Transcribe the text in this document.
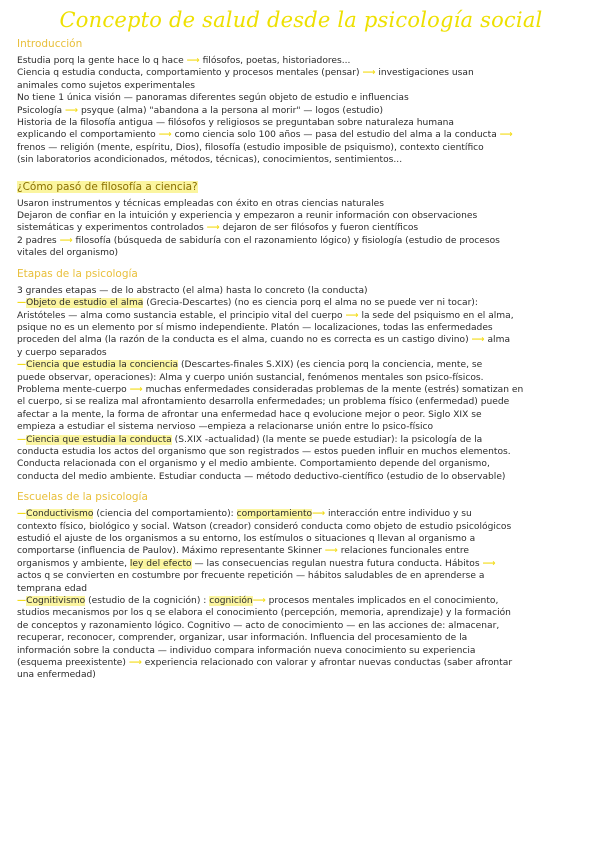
Concepto de salud desde la psicología social
Introducción
Estudia porq la gente hace lo q hace ⟶ filósofos, poetas, historiadores...
Ciencia q estudia conducta, comportamiento y procesos mentales (pensar) ⟶ investigaciones usan
animales como sujetos experimentales
No tiene 1 única visión — panoramas diferentes según objeto de estudio e influencias
Psicología ⟶ psyque (alma) "abandona a la persona al morir" — logos (estudio)
Historia de la filosofía antigua — filósofos y religiosos se preguntaban sobre naturaleza humana
explicando el comportamiento ⟶ como ciencia solo 100 años — pasa del estudio del alma a la conducta ⟶
frenos — religión (mente, espíritu, Dios), filosofía (estudio imposible de psiquismo), contexto científico
(sin laboratorios acondicionados, métodos, técnicas), conocimientos, sentimientos...
¿Cómo pasó de filosofía a ciencia?
Usaron instrumentos y técnicas empleadas con éxito en otras ciencias naturales
Dejaron de confiar en la intuición y experiencia y empezaron a reunir información con observaciones
sistemáticas y experimentos controlados ⟶ dejaron de ser filósofos y fueron científicos
2 padres ⟶ filosofía (búsqueda de sabiduría con el razonamiento lógico) y fisiología (estudio de procesos
vitales del organismo)
Etapas de la psicología
3 grandes etapas — de lo abstracto (el alma) hasta lo concreto (la conducta)
—Objeto de estudio el alma (Grecia-Descartes) (no es ciencia porq el alma no se puede ver ni tocar):
Aristóteles — alma como sustancia estable, el principio vital del cuerpo ⟶ la sede del psiquismo en el alma,
psique no es un elemento por sí mismo independiente. Platón — localizaciones, todas las enfermedades
proceden del alma (la razón de la conducta es el alma, cuando no es correcta es un castigo divino) ⟶ alma
y cuerpo separados
—Ciencia que estudia la conciencia (Descartes-finales S.XIX) (es ciencia porq la conciencia, mente, se
puede observar, operaciones): Alma y cuerpo unión sustancial, fenómenos mentales son psico-físicos.
Problema mente-cuerpo ⟶ muchas enfermedades consideradas problemas de la mente (estrés) somatizan en
el cuerpo, si se realiza mal afrontamiento desarrolla enfermedades; un problema físico (enfermedad) puede
afectar a la mente, la forma de afrontar una enfermedad hace q evolucione mejor o peor. Siglo XIX se
empieza a estudiar el sistema nervioso —empieza a relacionarse unión entre lo psico-físico
—Ciencia que estudia la conducta (S.XIX -actualidad) (la mente se puede estudiar): la psicología de la
conducta estudia los actos del organismo que son registrados — estos pueden influir en muchos elementos.
Conducta relacionada con el organismo y el medio ambiente. Comportamiento depende del organismo,
conducta del medio ambiente. Estudiar conducta — método deductivo-científico (estudio de lo observable)
Escuelas de la psicología
—Conductivismo (ciencia del comportamiento): comportamiento⟶ interacción entre individuo y su
contexto físico, biológico y social. Watson (creador) consideró conducta como objeto de estudio psicológicos
estudió el ajuste de los organismos a su entorno, los estímulos o situaciones q llevan al organismo a
comportarse (influencia de Paulov). Máximo representante Skinner ⟶ relaciones funcionales entre
organismos y ambiente, ley del efecto — las consecuencias regulan nuestra futura conducta. Hábitos ⟶
actos q se convierten en costumbre por frecuente repetición — hábitos saludables de en aprenderse a
temprana edad
—Cognitivismo (estudio de la cognición) : cognición⟶ procesos mentales implicados en el conocimiento,
studios mecanismos por los q se elabora el conocimiento (percepción, memoria, aprendizaje) y la formación
de conceptos y razonamiento lógico. Cognitivo — acto de conocimiento — en las acciones de: almacenar,
recuperar, reconocer, comprender, organizar, usar información. Influencia del procesamiento de la
información sobre la conducta — individuo compara información nueva conocimiento su experiencia
(esquema preexistente) ⟶ experiencia relacionado con valorar y afrontar nuevas conductas (saber afrontar
una enfermedad)
